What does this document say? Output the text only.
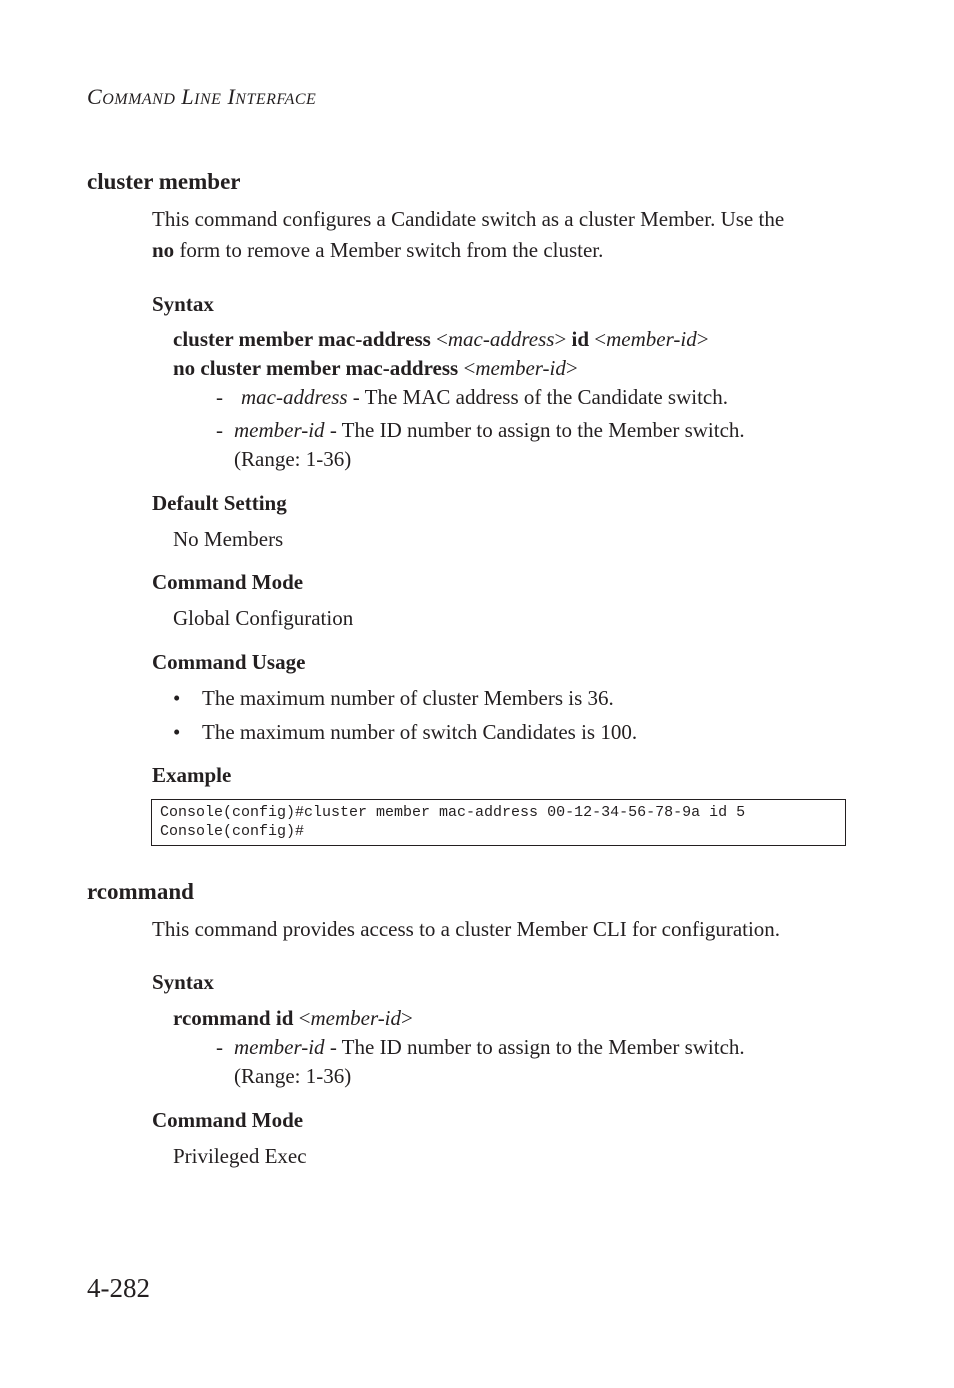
COMMAND LINE INTERFACE
cluster member
This command configures a Candidate switch as a cluster Member. Use the
no form to remove a Member switch from the cluster.
Syntax
cluster member mac-address <mac-address> id <member-id>
no cluster member mac-address <member-id>
- mac-address - The MAC address of the Candidate switch.
- member-id - The ID number to assign to the Member switch.
(Range: 1-36)
Default Setting
No Members
Command Mode
Global Configuration
Command Usage
• The maximum number of cluster Members is 36.
• The maximum number of switch Candidates is 100.
Example
Console(config)#cluster member mac-address 00-12-34-56-78-9a id 5
Console(config)#
rcommand
This command provides access to a cluster Member CLI for configuration.
Syntax
rcommand id <member-id>
- member-id - The ID number to assign to the Member switch.
(Range: 1-36)
Command Mode
Privileged Exec
4-282
